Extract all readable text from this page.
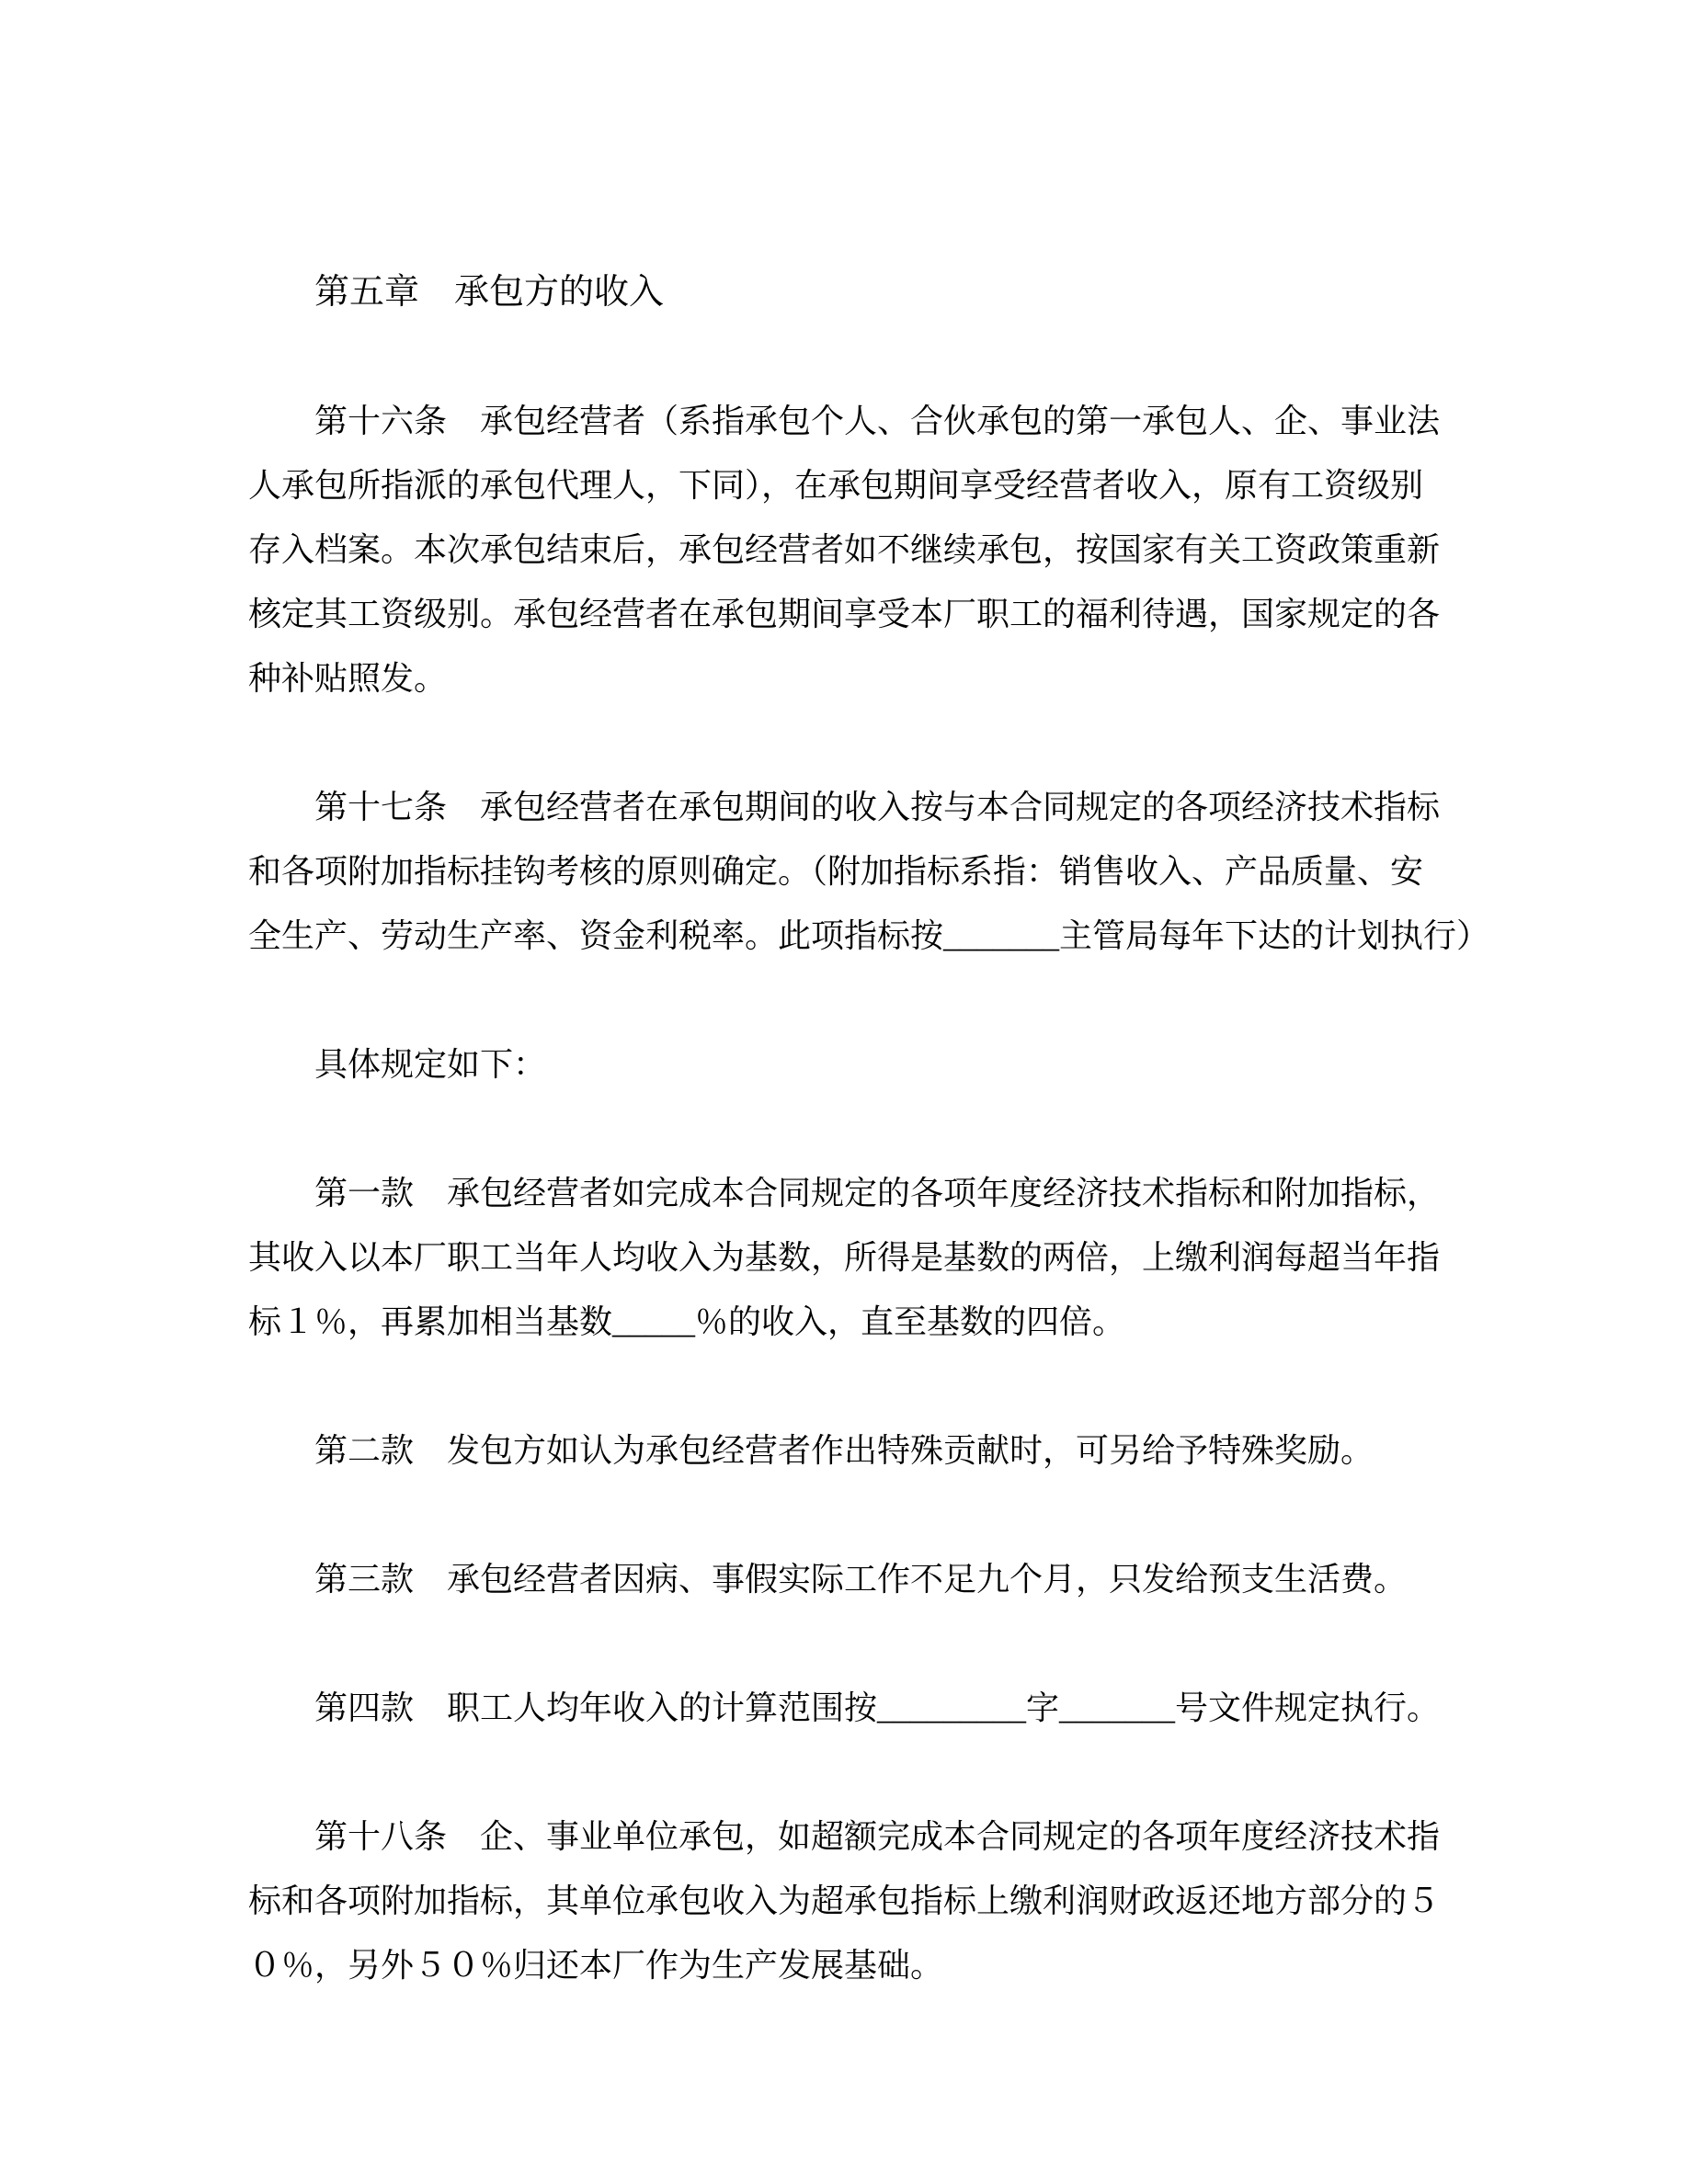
第五章　承包方的收入
第十六条　承包经营者（系指承包个人、合伙承包的第一承包人、企、事业法
人承包所指派的承包代理人，下同），在承包期间享受经营者收入，原有工资级别
存入档案。本次承包结束后，承包经营者如不继续承包，按国家有关工资政策重新
核定其工资级别。承包经营者在承包期间享受本厂职工的福利待遇，国家规定的各
种补贴照发。
第十七条　承包经营者在承包期间的收入按与本合同规定的各项经济技术指标
和各项附加指标挂钩考核的原则确定。（附加指标系指：销售收入、产品质量、安
全生产、劳动生产率、资金利税率。此项指标按_______主管局每年下达的计划执行）
具体规定如下：
第一款　承包经营者如完成本合同规定的各项年度经济技术指标和附加指标，
其收入以本厂职工当年人均收入为基数，所得是基数的两倍，上缴利润每超当年指
标１％，再累加相当基数_____％的收入，直至基数的四倍。
第二款　发包方如认为承包经营者作出特殊贡献时，可另给予特殊奖励。
第三款　承包经营者因病、事假实际工作不足九个月，只发给预支生活费。
第四款　职工人均年收入的计算范围按_________字_______号文件规定执行。
第十八条　企、事业单位承包，如超额完成本合同规定的各项年度经济技术指
标和各项附加指标，其单位承包收入为超承包指标上缴利润财政返还地方部分的５
０％，另外５０％归还本厂作为生产发展基础。
